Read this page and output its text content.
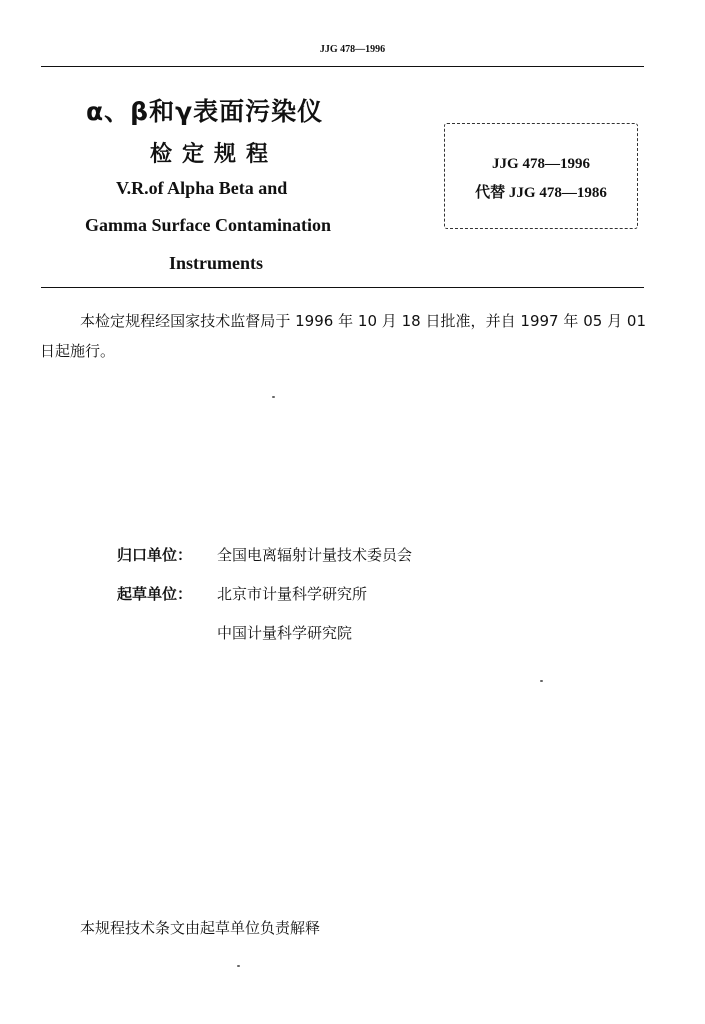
JJG 478—1996
α、β和γ表面污染仪
检定规程
V.R.of Alpha Beta and
Gamma Surface Contamination
Instruments
JJG 478—1996
代替 JJG 478—1986
本检定规程经国家技术监督局于 1996 年 10 月 18 日批准，并自 1997 年 05 月 01 日起施行。
归口单位： 全国电离辐射计量技术委员会
起草单位： 北京市计量科学研究所
中国计量科学研究院
本规程技术条文由起草单位负责解释
